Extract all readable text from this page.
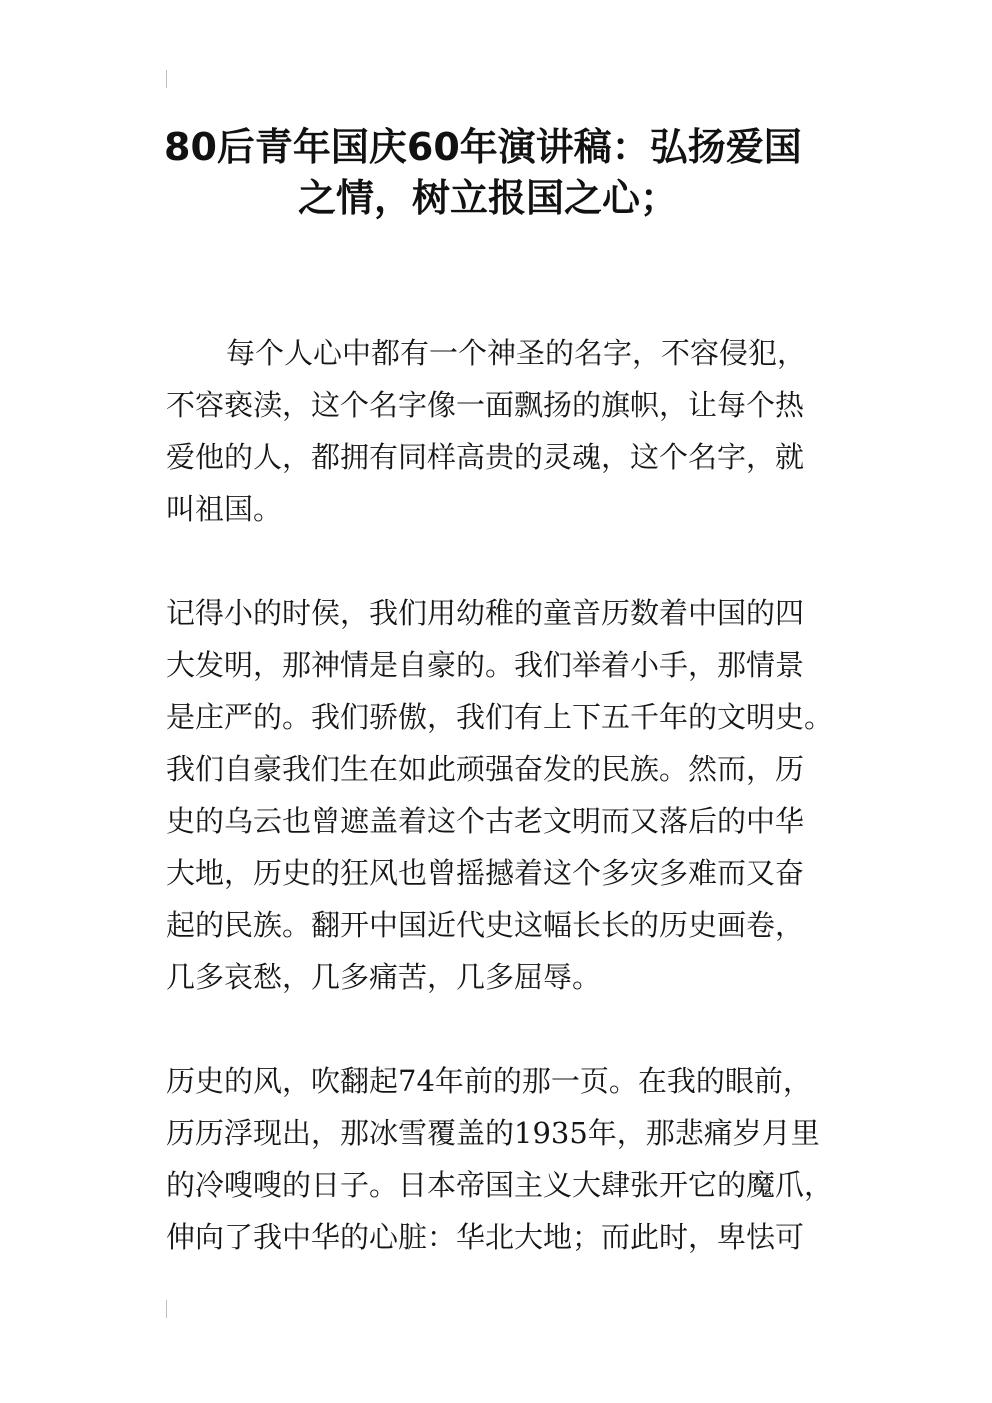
80后青年国庆60年演讲稿：弘扬爱国
之情，树立报国之心；
每个人心中都有一个神圣的名字，不容侵犯，
不容亵渎，这个名字像一面飘扬的旗帜，让每个热
爱他的人，都拥有同样高贵的灵魂，这个名字，就
叫祖国。
记得小的时侯，我们用幼稚的童音历数着中国的四
大发明，那神情是自豪的。我们举着小手，那情景
是庄严的。我们骄傲，我们有上下五千年的文明史。
我们自豪我们生在如此顽强奋发的民族。然而，历
史的乌云也曾遮盖着这个古老文明而又落后的中华
大地，历史的狂风也曾摇撼着这个多灾多难而又奋
起的民族。翻开中国近代史这幅长长的历史画卷，
几多哀愁，几多痛苦，几多屈辱。
历史的风，吹翻起74年前的那一页。在我的眼前，
历历浮现出，那冰雪覆盖的1935年，那悲痛岁月里
的冷嗖嗖的日子。日本帝国主义大肆张开它的魔爪，
伸向了我中华的心脏：华北大地；而此时，卑怯可
